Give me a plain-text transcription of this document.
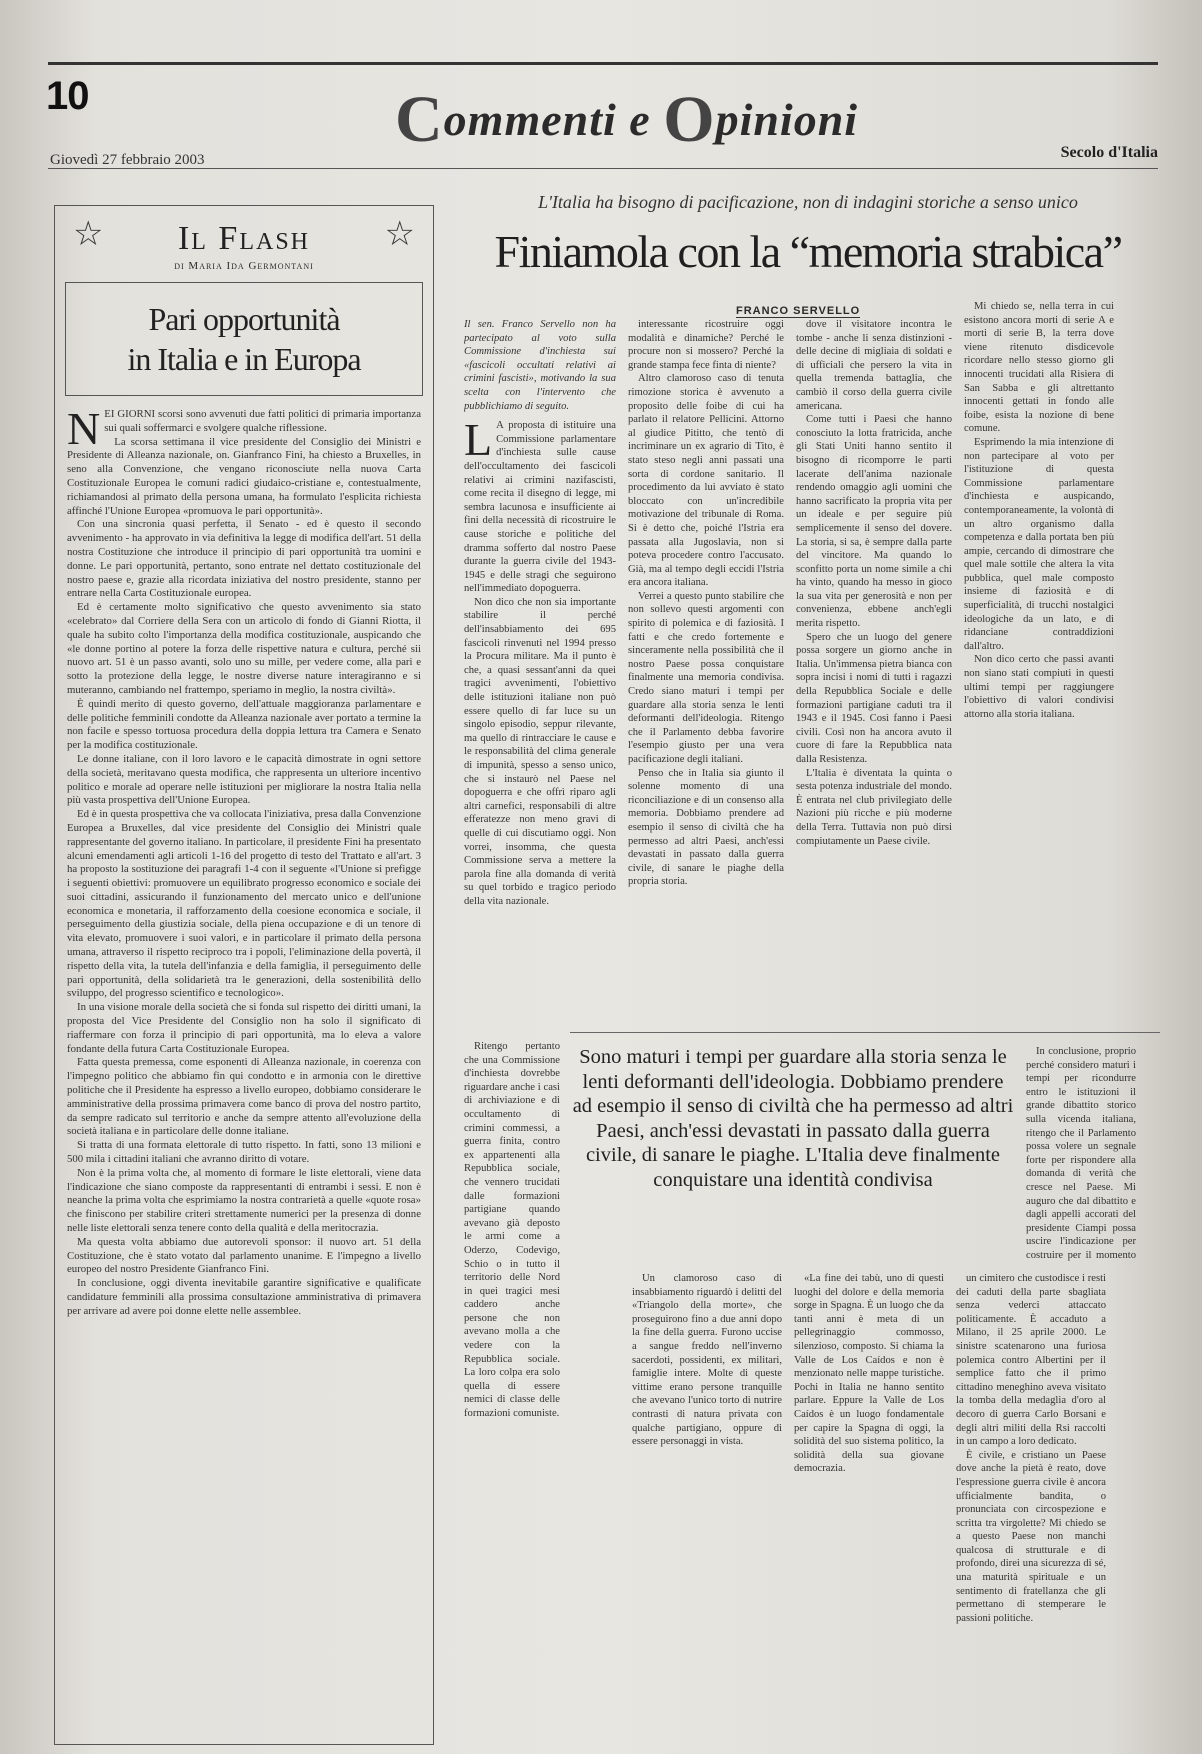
10	Commenti e Opinioni
Giovedì 27 febbraio 2003	Secolo d'Italia
☆ Il Flash ☆
di Maria Ida Germontani
Pari opportunità
in Italia e in Europa

NEI GIORNI scorsi sono avvenuti due fatti politici di primaria importanza sui quali soffermarci e svolgere qualche riflessione.

La scorsa settimana il vice presidente del Consiglio dei Ministri e Presidente di Alleanza nazionale, on. Gianfranco Fini, ha chiesto a Bruxelles, in seno alla Convenzione, che vengano riconosciute nella nuova Carta Costituzionale Europea le comuni radici giudaico-cristiane e, contestualmente, richiamandosi al primato della persona umana, ha formulato l'esplicita richiesta affinché l'Unione Europea «promuova le pari opportunità».

Con una sincronia quasi perfetta, il Senato - ed è questo il secondo avvenimento - ha approvato in via definitiva la legge di modifica dell'art. 51 della nostra Costituzione che introduce il principio di pari opportunità tra uomini e donne. Le pari opportunità, pertanto, sono entrate nel dettato costituzionale del nostro paese e, grazie alla ricordata iniziativa del nostro presidente, stanno per entrare nella Carta Costituzionale europea.

Ed è certamente molto significativo che questo avvenimento sia stato «celebrato» dal Corriere della Sera con un articolo di fondo di Gianni Riotta, il quale ha subito colto l'importanza della modifica costituzionale, auspicando che «le donne portino al potere la forza delle rispettive natura e cultura, perché sii nuovo art. 51 è un passo avanti, solo uno su mille, per vedere come, alla pari e sotto la protezione della legge, le nostre diverse nature interagiranno e si muteranno, cambiando nel frattempo, speriamo in meglio, la nostra civiltà».

È quindi merito di questo governo, dell'attuale maggioranza parlamentare e delle politiche femminili condotte da Alleanza nazionale aver portato a termine la non facile e spesso tortuosa procedura della doppia lettura tra Camera e Senato per la modifica costituzionale.

Le donne italiane, con il loro lavoro e le capacità dimostrate in ogni settore della società, meritavano questa modifica, che rappresenta un ulteriore incentivo politico e morale ad operare nelle istituzioni per migliorare la nostra Italia nella più vasta prospettiva dell'Unione Europea.

Ed è in questa prospettiva che va collocata l'iniziativa, presa dalla Convenzione Europea a Bruxelles, dal vice presidente del Consiglio dei Ministri quale rappresentante del governo italiano. In particolare, il presidente Fini ha presentato alcuni emendamenti agli articoli 1-16 del progetto di testo del Trattato e all'art. 3 ha proposto la sostituzione dei paragrafi 1-4 con il seguente «l'Unione si prefigge i seguenti obiettivi: promuovere un equilibrato progresso economico e sociale dei suoi cittadini, assicurando il funzionamento del mercato unico e dell'unione economica e monetaria, il rafforzamento della coesione economica e sociale, il perseguimento della giustizia sociale, della piena occupazione e di un tenore di vita elevato, promuovere i suoi valori, e in particolare il primato della persona umana, attraverso il rispetto reciproco tra i popoli, l'eliminazione della povertà, il rispetto della vita, la tutela dell'infanzia e della famiglia, il perseguimento delle pari opportunità, della solidarietà tra le generazioni, della sostenibilità dello sviluppo, del progresso scientifico e tecnologico».

In una visione morale della società che si fonda sul rispetto dei diritti umani, la proposta del Vice Presidente del Consiglio non ha solo il significato di riaffermare con forza il principio di pari opportunità, ma lo eleva a valore fondante della futura Carta Costituzionale Europea.

Fatta questa premessa, come esponenti di Alleanza nazionale, in coerenza con l'impegno politico che abbiamo fin qui condotto e in armonia con le direttive politiche che il Presidente ha espresso a livello europeo, dobbiamo considerare le amministrative della prossima primavera come banco di prova del nostro partito, da sempre radicato sul territorio e anche da sempre attento all'evoluzione della società italiana e in particolare delle donne italiane.

Si tratta di una formata elettorale di tutto rispetto. In fatti, sono 13 milioni e 500 mila i cittadini italiani che avranno diritto di votare.

Non è la prima volta che, al momento di formare le liste elettorali, viene data l'indicazione che siano composte da rappresentanti di entrambi i sessi. E non è neanche la prima volta che esprimiamo la nostra contrarietà a quelle «quote rosa» che finiscono per stabilire criteri strettamente numerici per la presenza di donne nelle liste elettorali senza tenere conto della qualità e della meritocrazia.

Ma questa volta abbiamo due autorevoli sponsor: il nuovo art. 51 della Costituzione, che è stato votato dal parlamento unanime. E l'impegno a livello europeo del nostro Presidente Gianfranco Fini.

In conclusione, oggi diventa inevitabile garantire significative e qualificate candidature femminili alla prossima consultazione amministrativa di primavera per arrivare ad avere poi donne elette nelle assemblee.

L'Italia ha bisogno di pacificazione, non di indagini storiche a senso unico
Finiamola con la “memoria strabica”
FRANCO SERVELLO

Il sen. Franco Servello non ha partecipato al voto sulla Commissione d'inchiesta sui «fascicoli occultati relativi ai crimini fascisti», motivando la sua scelta con l'intervento che pubblichiamo di seguito.

L A proposta di istituire una Commissione parlamentare d'inchiesta sulle cause dell'occultamento dei fascicoli relativi ai crimini nazifascisti, come recita il disegno di legge, mi sembra lacunosa e insufficiente ai fini della necessità di ricostruire le cause storiche e politiche del dramma sofferto dal nostro Paese durante la guerra civile del 1943-1945 e delle stragi che seguirono nell'immediato dopoguerra.

Non dico che non sia importante stabilire il perché dell'insabbiamento dei 695 fascicoli rinvenuti nel 1994 presso la Procura militare. Ma il punto è che, a quasi sessant'anni da quei tragici avvenimenti, l'obiettivo delle istituzioni italiane non può essere quello di far luce su un singolo episodio, seppur rilevante, ma quello di rintracciare le cause e le responsabilità del clima generale di impunità, spesso a senso unico, che si instaurò nel Paese nel dopoguerra e che offrì riparo agli altri carnefici, responsabili di altre efferatezze non meno gravi di quelle di cui discutiamo oggi. Non vorrei, insomma, che questa Commissione serva a mettere la parola fine alla domanda di verità su quel torbido e tragico periodo della vita nazionale.

Ritengo pertanto che una Commissione d'inchiesta dovrebbe riguardare anche i casi di archiviazione e di occultamento di crimini commessi, a guerra finita, contro ex appartenenti alla Repubblica sociale, che vennero trucidati dalle formazioni partigiane quando avevano già deposto le armi come a Oderzo, Codevigo, Schio o in tutto il territorio delle Nord in quei tragici mesi caddero anche persone che non avevano molla a che vedere con la Repubblica sociale. La loro colpa era solo quella di essere nemici di classe delle formazioni comuniste.

interessante ricostruire oggi modalità e dinamiche? Perché le procure non si mossero? Perché la grande stampa fece finta di niente?

Altro clamoroso caso di tenuta rimozione storica è avvenuto a proposito delle foibe di cui ha parlato il relatore Pellicini. Attorno al giudice Pititto, che tentò di incriminare un ex agrario di Tito, è stato steso negli anni passati una sorta di cordone sanitario. Il procedimento da lui avviato è stato bloccato con un'incredibile motivazione del tribunale di Roma. Si è detto che, poiché l'Istria era passata alla Jugoslavia, non si poteva procedere contro l'accusato. Già, ma al tempo degli eccidi l'Istria era ancora italiana.

Verrei a questo punto stabilire che non sollevo questi argomenti con spirito di polemica e di faziosità. I fatti e che credo fortemente e sinceramente nella possibilità che il nostro Paese possa conquistare finalmente una memoria condivisa. Credo siano maturi i tempi per guardare alla storia senza le lenti deformanti dell'ideologia. Ritengo che il Parlamento debba favorire l'esempio giusto per una vera pacificazione degli italiani.

Penso che in Italia sia giunto il solenne momento di una riconciliazione e di un consenso alla memoria. Dobbiamo prendere ad esempio il senso di civiltà che ha permesso ad altri Paesi, anch'essi devastati in passato dalla guerra civile, di sanare le piaghe della propria storia.

dove il visitatore incontra le tombe - anche li senza distinzioni - delle decine di migliaia di soldati e di ufficiali che persero la vita in quella tremenda battaglia, che cambiò il corso della guerra civile americana.

Come tutti i Paesi che hanno conosciuto la lotta fratricida, anche gli Stati Uniti hanno sentito il bisogno di ricomporre le parti lacerate dell'anima nazionale rendendo omaggio agli uomini che hanno sacrificato la propria vita per un ideale e per seguire più semplicemente il senso del dovere. La storia, si sa, è sempre dalla parte del vincitore. Ma quando lo sconfitto porta un nome simile a chi ha vinto, quando ha messo in gioco la sua vita per generosità e non per convenienza, ebbene anch'egli merita rispetto.

Spero che un luogo del genere possa sorgere un giorno anche in Italia. Un'immensa pietra bianca con sopra incisi i nomi di tutti i ragazzi della Repubblica Sociale e delle formazioni partigiane caduti tra il 1943 e il 1945. Così fanno i Paesi civili. Così non ha ancora avuto il cuore di fare la Repubblica nata dalla Resistenza.

L'Italia è diventata la quinta o sesta potenza industriale del mondo. È entrata nel club privilegiato delle Nazioni più ricche e più moderne della Terra. Tuttavia non può dirsi compiutamente un Paese civile.

Mi chiedo se, nella terra in cui esistono ancora morti di serie A e morti di serie B, la terra dove viene ritenuto disdicevole ricordare nello stesso giorno gli innocenti trucidati alla Risiera di San Sabba e gli altrettanto innocenti gettati in fondo alle foibe, esista la nozione di bene comune.

Esprimendo la mia intenzione di non partecipare al voto per l'istituzione di questa Commissione parlamentare d'inchiesta e auspicando, contemporaneamente, la volontà di un altro organismo dalla competenza e dalla portata ben più ampie, cercando di dimostrare che quel male sottile che altera la vita pubblica, quel male composto insieme di faziosità e di superficialità, di trucchi nostalgici ideologiche da un lato, e di ridanciane contraddizioni dall'altro.

Non dico certo che passi avanti non siano stati compiuti in questi ultimi tempi per raggiungere l'obiettivo di valori condivisi attorno alla storia italiana.

Sono maturi i tempi per guardare alla storia senza le lenti deformanti dell'ideologia. Dobbiamo prendere ad esempio il senso di civiltà che ha permesso ad altri Paesi, anch'essi devastati in passato dalla guerra civile, di sanare le piaghe. L'Italia deve finalmente conquistare una identità condivisa

Un clamoroso caso di insabbiamento riguardò i delitti del «Triangolo della morte», che proseguirono fino a due anni dopo la fine della guerra. Furono uccise a sangue freddo nell'inverno sacerdoti, possidenti, ex militari, famiglie intere. Molte di queste vittime erano persone tranquille che avevano l'unico torto di nutrire contrasti di natura privata con qualche partigiano, oppure di essere personaggi in vista.

«La fine dei tabù, uno di questi luoghi del dolore e della memoria sorge in Spagna. È un luogo che da tanti anni è meta di un pellegrinaggio commosso, silenzioso, composto. Si chiama la Valle de Los Caídos e non è menzionato nelle mappe turistiche. Pochi in Italia ne hanno sentito parlare. Eppure la Valle de Los Caídos è un luogo fondamentale per capire la Spagna di oggi, la solidità del suo sistema politico, la solidità della sua giovane democrazia.

un cimitero che custodisce i resti dei caduti della parte sbagliata senza vederci attaccato politicamente. È accaduto a Milano, il 25 aprile 2000. Le sinistre scatenarono una furiosa polemica contro Albertini per il semplice fatto che il primo cittadino meneghino aveva visitato la tomba della medaglia d'oro al decoro di guerra Carlo Borsani e degli altri militi della Rsi raccolti in un campo a loro dedicato.

È civile, e cristiano un Paese dove anche la pietà è reato, dove l'espressione guerra civile è ancora ufficialmente bandita, o pronunciata con circospezione e scritta tra virgolette? Mi chiedo se a questo Paese non manchi qualcosa di strutturale e di profondo, direi una sicurezza di sé, una maturità spirituale e un sentimento di fratellanza che gli permettano di stemperare le passioni politiche.

In conclusione, proprio perché considero maturi i tempi per ricondurre entro le istituzioni il grande dibattito storico sulla vicenda italiana, ritengo che il Parlamento possa volere un segnale forte per rispondere alla domanda di verità che cresce nel Paese. Mi auguro che dal dibattito e dagli appelli accorati del presidente Ciampi possa uscire l'indicazione per costruire per il momento
